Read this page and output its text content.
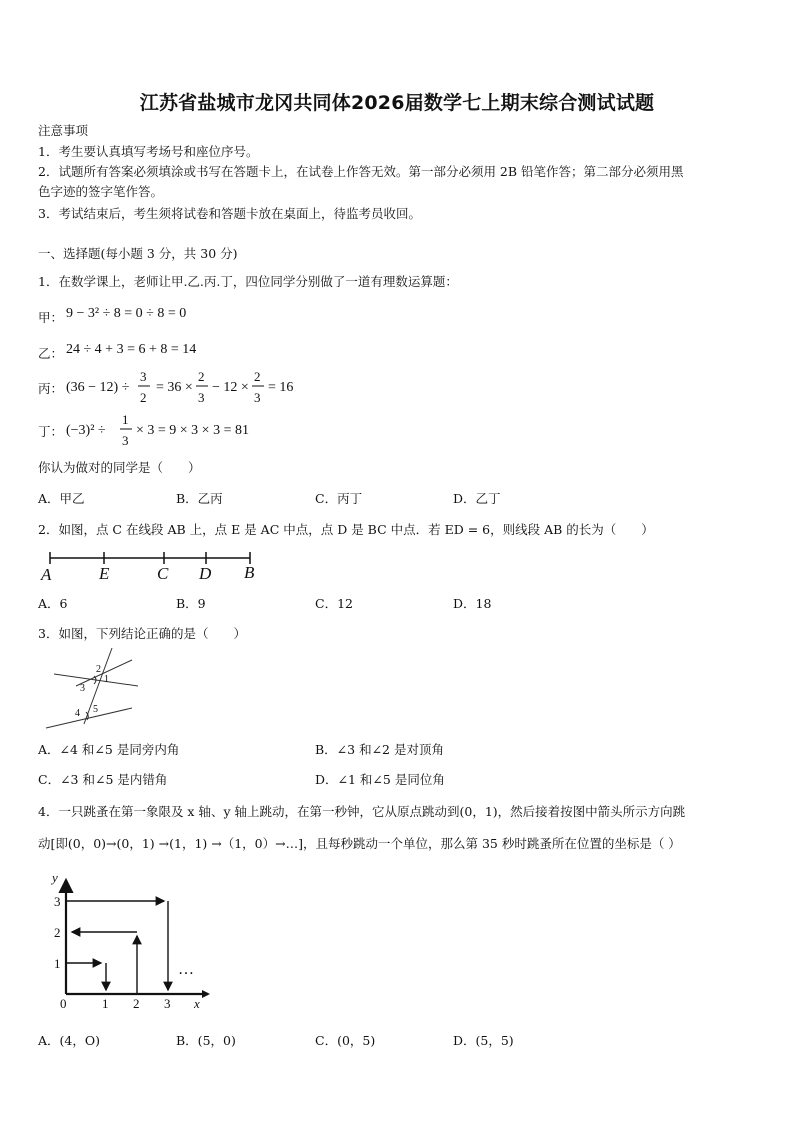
江苏省盐城市龙冈共同体2026届数学七上期末综合测试试题
注意事项
1．考生要认真填写考场号和座位序号。
2．试题所有答案必须填涂或书写在答题卡上，在试卷上作答无效。第一部分必须用 2B 铅笔作答；第二部分必须用黑
色字迹的签字笔作答。
3．考试结束后，考生须将试卷和答题卡放在桌面上，待监考员收回。
一、选择题(每小题 3 分，共 30 分)
1．在数学课上，老师让甲.乙.丙.丁，四位同学分别做了一道有理数运算题：
甲： 9 − 3² ÷ 8 = 0 ÷ 8 = 0
乙： 24 ÷ 4 + 3 = 6 + 8 = 14
丙： (36 − 12) ÷
3
2
= 36 ×
2
3
− 12 ×
2
3
= 16
丁： (−3)² ÷
1
3
× 3 = 9 × 3 × 3 = 81
你认为做对的同学是（　　）
A．甲乙	B．乙丙	C．丙丁	D．乙丁
2．如图，点 C 在线段 AB 上，点 E 是 AC 中点，点 D 是 BC 中点．若 ED = 6，则线段 AB 的长为（　　）
A	E	C D B
A．6	B．9	C．12	D．18
3．如图，下列结论正确的是（　　）
2
1
3
4 5
A．∠4 和∠5 是同旁内角	B．∠3 和∠2 是对顶角
C．∠3 和∠5 是内错角	D．∠1 和∠5 是同位角
4．一只跳蚤在第一象限及 x 轴、y 轴上跳动，在第一秒钟，它从原点跳动到(0，1)，然后接着按图中箭头所示方向跳
动[即(0，0)→(0，1) →(1，1) →（1，0）→…]，且每秒跳动一个单位，那么第 35 秒时跳蚤所在位置的坐标是（ ）
y
x
3
2
1
0	1 2 3
…
A．(4，O)	B．(5，0)	C．(0，5)	D．(5，5)
